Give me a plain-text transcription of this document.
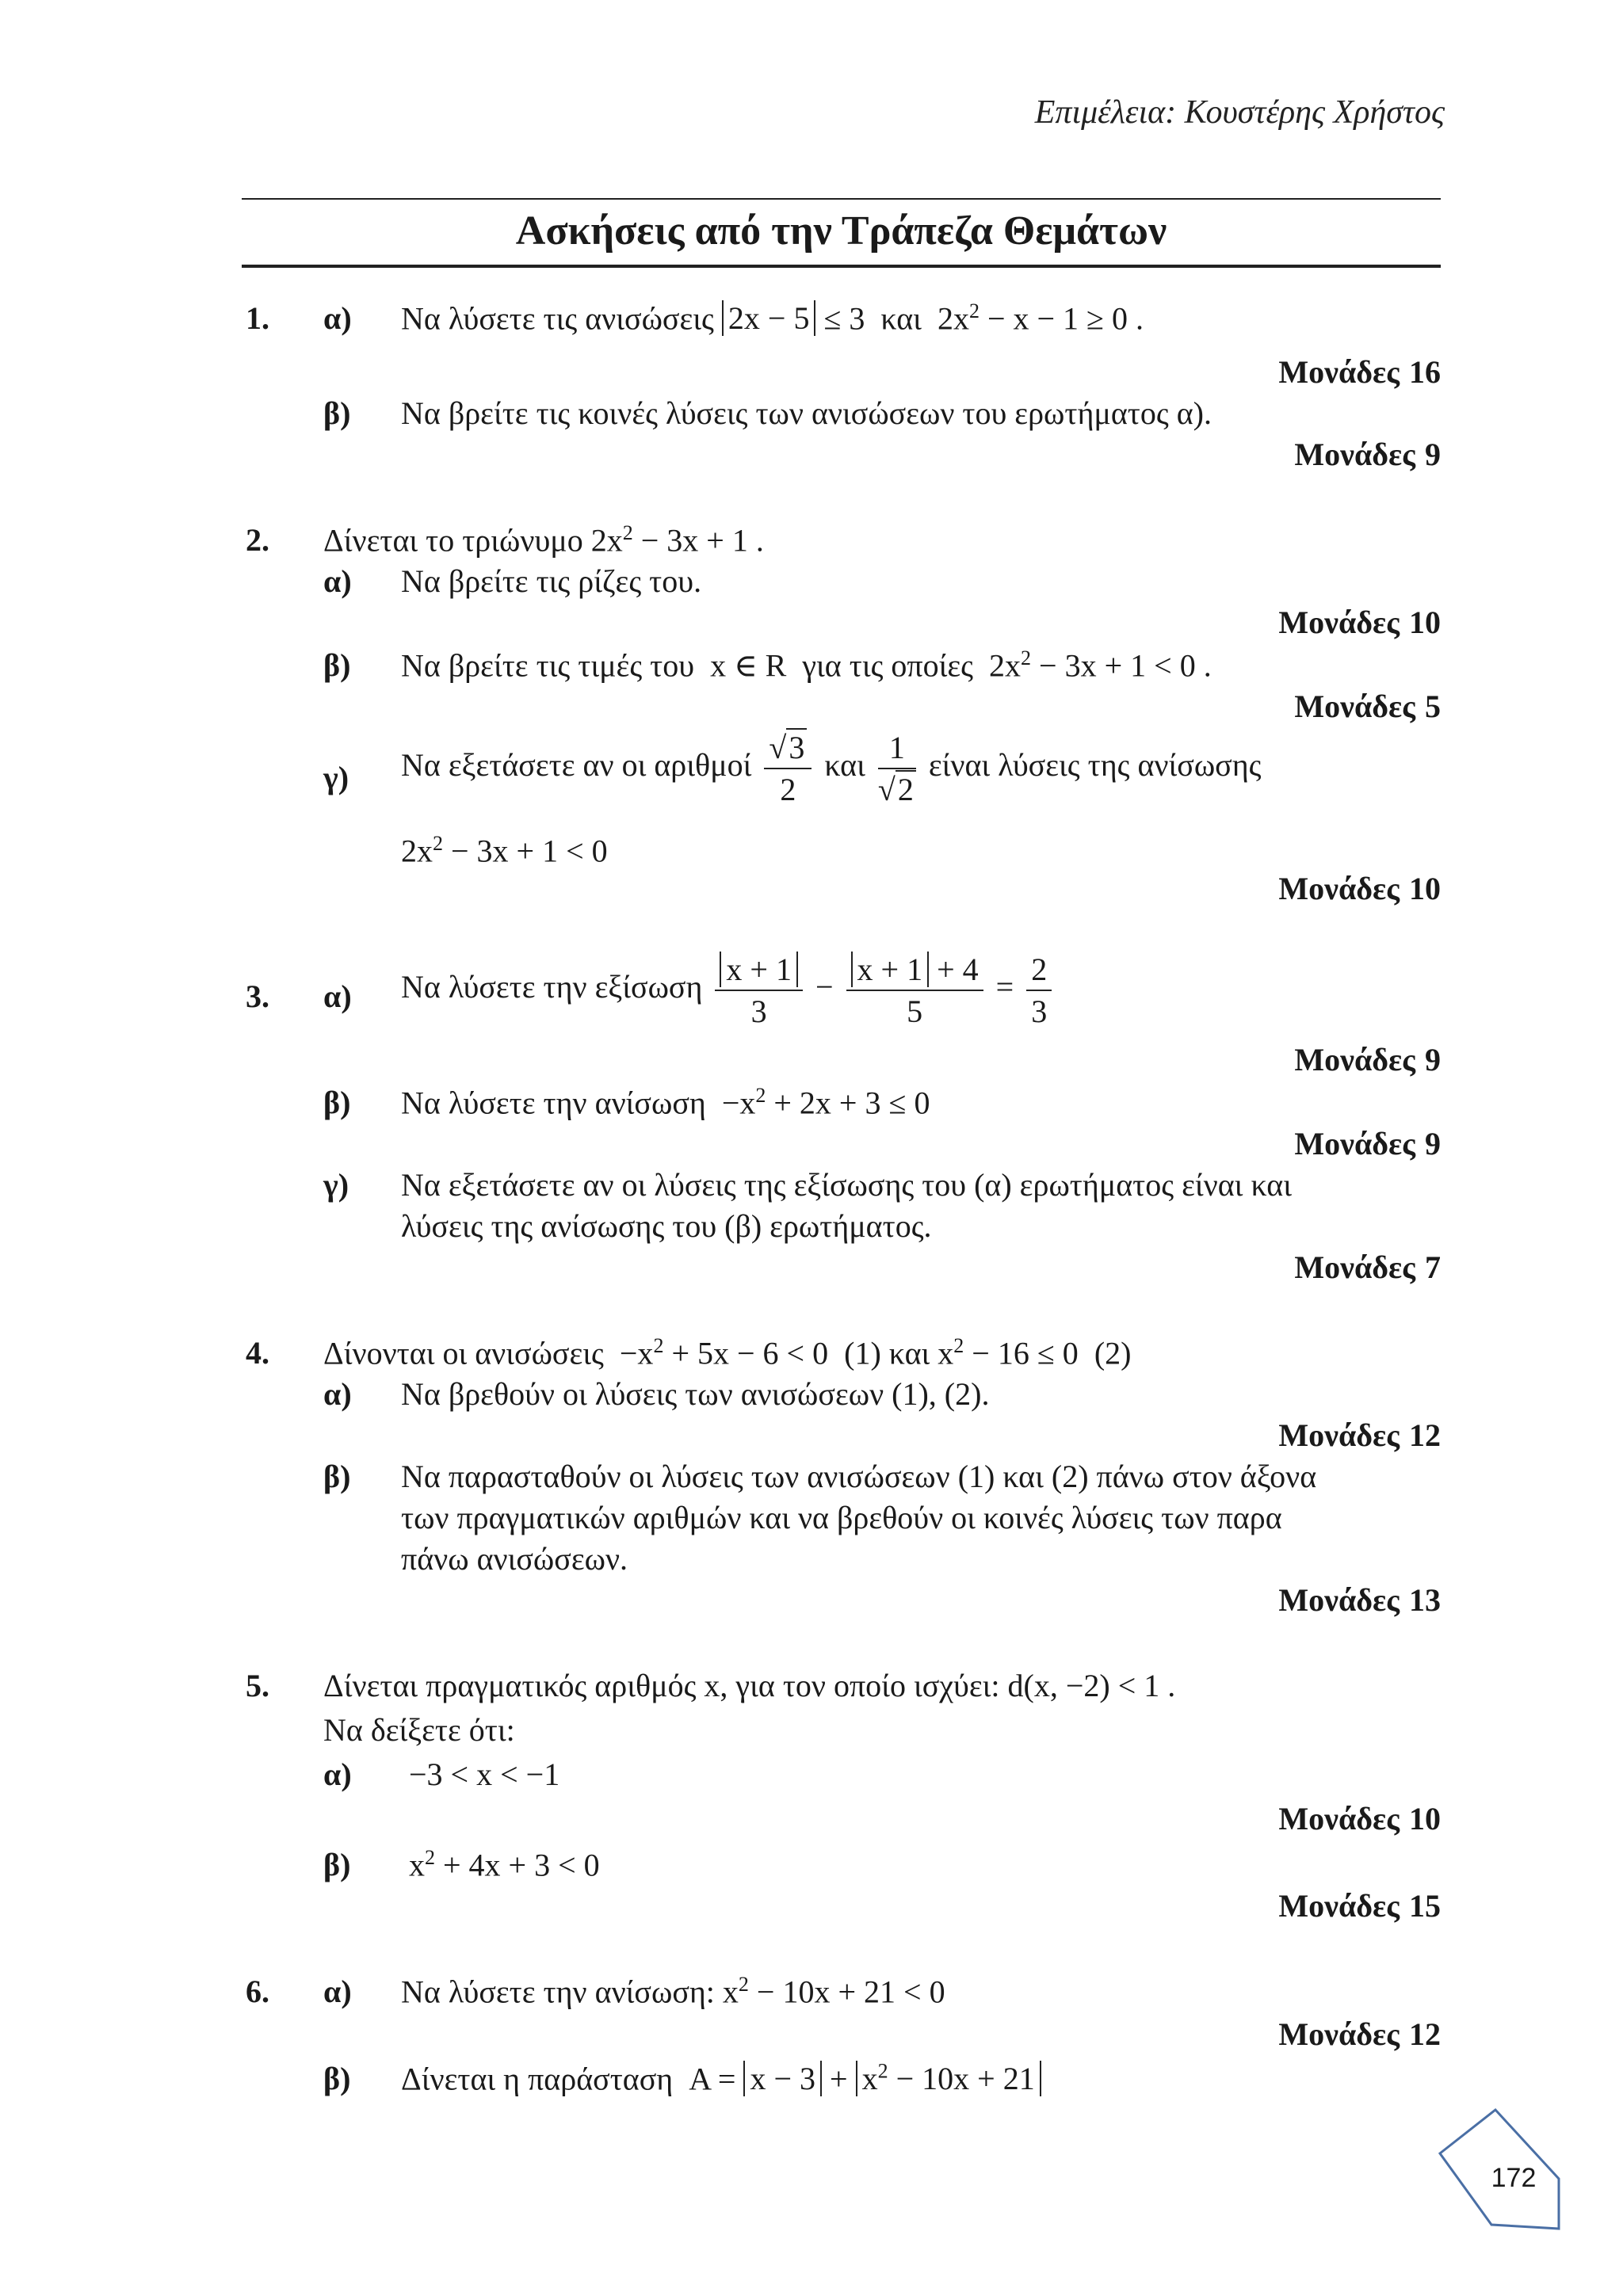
Επιμέλεια: Κουστέρης Χρήστος
Ασκήσεις από την Τράπεζα Θεμάτων
1. α) Να λύσετε τις ανισώσεις 2x − 5 ≤ 3 και $2x^2 - x - 1 \ge 0$ .
Μονάδες 16
β) Να βρείτε τις κοινές λύσεις των ανισώσεων του ερωτήματος α).
Μονάδες 9
2. Δίνεται το τριώνυμο $2x^2 - 3x + 1$ .
α) Να βρείτε τις ρίζες του.
Μονάδες 10
β) Να βρείτε τις τιμές του x ∈ R για τις οποίες $2x^2 - 3x + 1 < 0$ .
Μονάδες 5
γ) Να εξετάσετε αν οι αριθμοί $\frac{√3}{2}$ και $\frac{1}{√2}$ είναι λύσεις της ανίσωσης
$2x^2 - 3x + 1 < 0$
Μονάδες 10
3. α) Να λύσετε την εξίσωση $\frac{x + 1}{3} - \frac{x + 1 + 4}{5} = \frac{2}{3}$
Μονάδες 9
β) Να λύσετε την $\alpha\nu ί\sigma\omega\sigma\eta -x^2 + 2x + 3 \le 0$
Μονάδες 9
γ) Να εξετάσετε αν οι λύσεις της εξίσωσης του (α) ερωτήματος είναι και
λύσεις της ανίσωσης του (β) ερωτήματος.
Μονάδες 7
4. Δίνονται οι $\alpha\nu\iota\sigma ώ\sigma\varepsilon\iota\varsigma -x^2 + 5x - 6 < 0$ (1) και $x^2 - 16 \le 0$ (2)
α) Να βρεθούν οι λύσεις των ανισώσεων (1), (2).
Μονάδες 12
β) Να παρασταθούν οι λύσεις των ανισώσεων (1) και (2) πάνω στον άξονα
των πραγματικών αριθμών και να βρεθούν οι κοινές λύσεις των παρα
πάνω ανισώσεων.
Μονάδες 13
5. Δίνεται πραγματικός αριθμός x, για τον οποίο ισχύει: d(x, −2) < 1 .
Να δείξετε ότι:
α) −3 < x < −1
Μονάδες 10
β) $x^2 + 4x + 3 < 0$
Μονάδες 15
6. α) Να λύσετε την ανίσωση: $x^2 - 10x + 21 < 0$
Μονάδες 12
β) Δίνεται η παράσταση $A = x - 3 + x^2 - 10x + 21$
172
